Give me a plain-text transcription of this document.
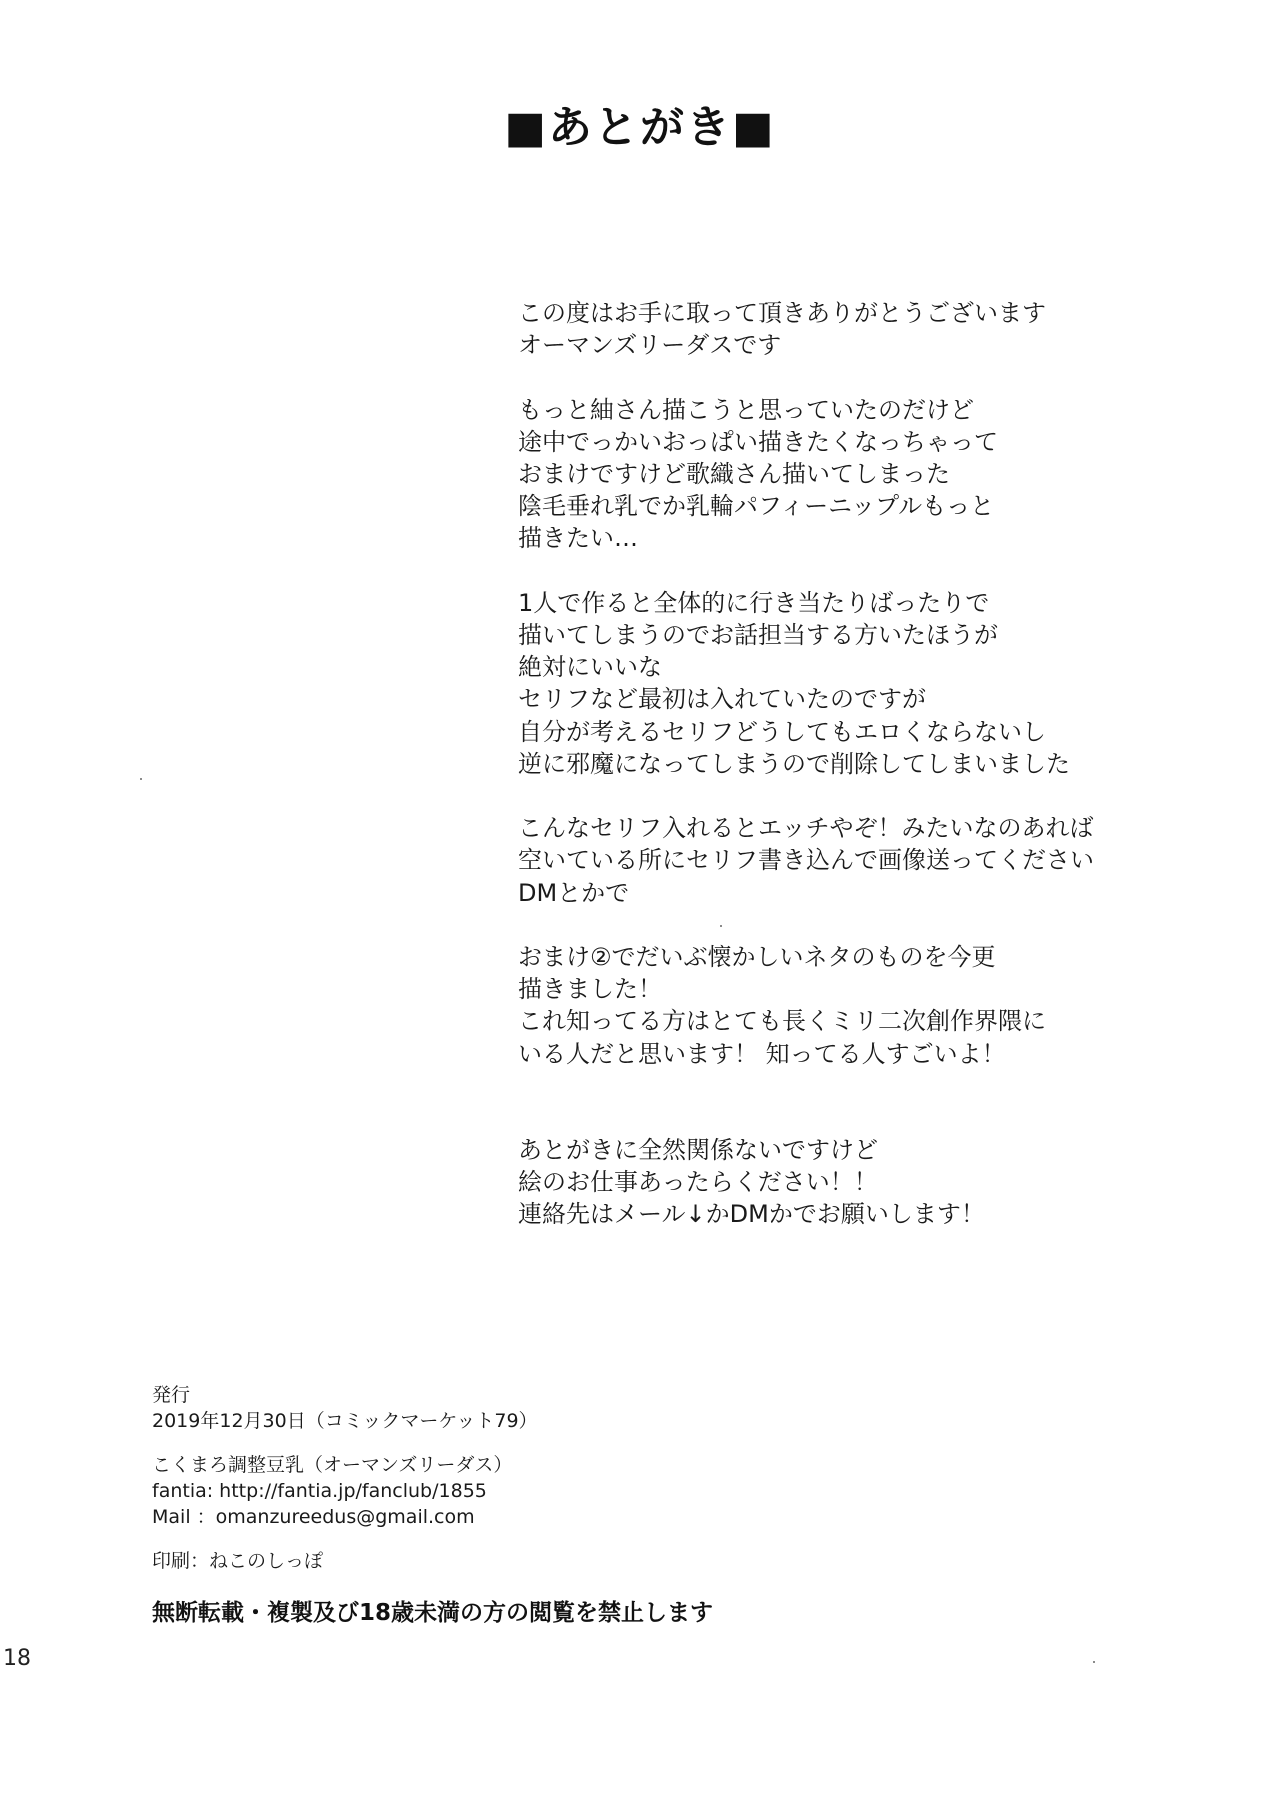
■あとがき■
この度はお手に取って頂きありがとうございます
オーマンズリーダスです
もっと紬さん描こうと思っていたのだけど
途中でっかいおっぱい描きたくなっちゃって
おまけですけど歌織さん描いてしまった
陰毛垂れ乳でか乳輪パフィーニップルもっと
描きたい…
1人で作ると全体的に行き当たりばったりで
描いてしまうのでお話担当する方いたほうが
絶対にいいな
セリフなど最初は入れていたのですが
自分が考えるセリフどうしてもエロくならないし
逆に邪魔になってしまうので削除してしまいました
こんなセリフ入れるとエッチやぞ！みたいなのあれば
空いている所にセリフ書き込んで画像送ってください
DMとかで
おまけ②でだいぶ懐かしいネタのものを今更
描きました！
これ知ってる方はとても長くミリ二次創作界隈に
いる人だと思います！ 知ってる人すごいよ！
あとがきに全然関係ないですけど
絵のお仕事あったらください！！
連絡先はメール↓かDMかでお願いします！
発行
2019年12月30日（コミックマーケット79）
こくまろ調整豆乳（オーマンズリーダス）
fantia: http://fantia.jp/fanclub/1855
Mail ：omanzureedus@gmail.com
印刷：ねこのしっぽ
無断転載・複製及び18歳未満の方の閲覧を禁止します
18
